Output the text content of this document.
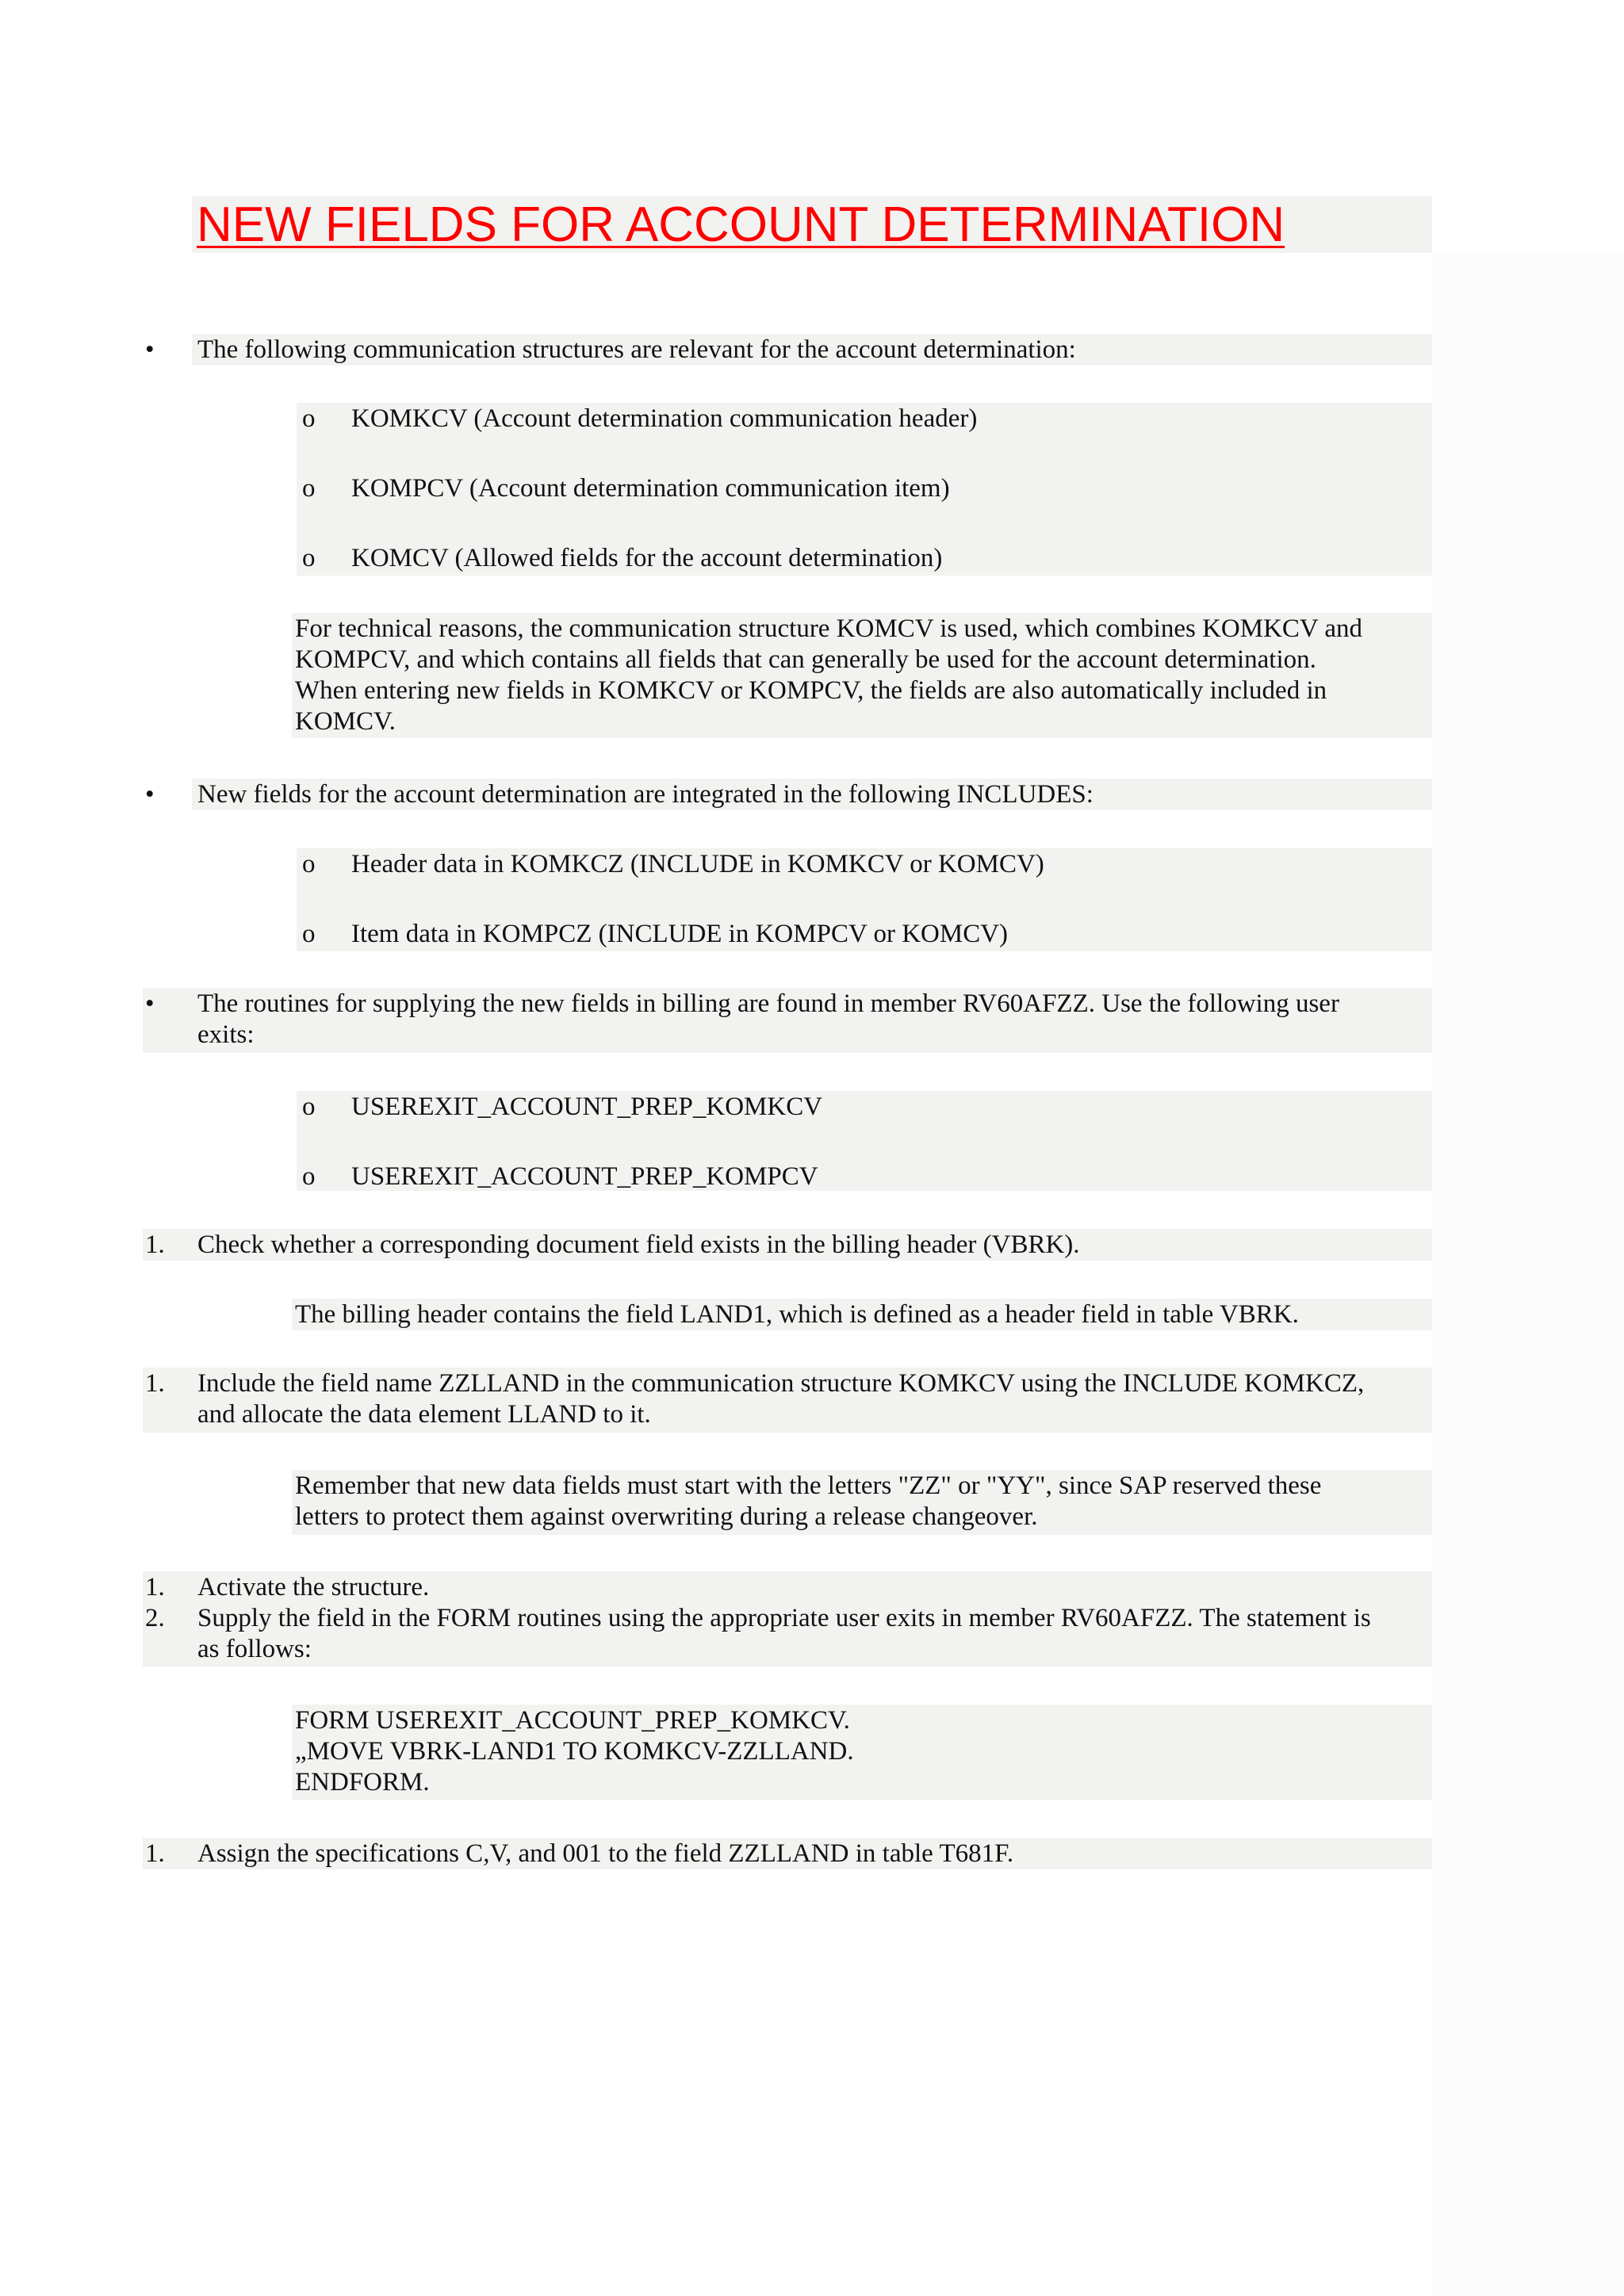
NEW FIELDS FOR ACCOUNT DETERMINATION
• The following communication structures are relevant for the account determination:
o KOMKCV (Account determination communication header)
o KOMPCV (Account determination communication item)
o KOMCV (Allowed fields for the account determination)
For technical reasons, the communication structure KOMCV is used, which combines KOMKCV and
KOMPCV, and which contains all fields that can generally be used for the account determination.
When entering new fields in KOMKCV or KOMPCV, the fields are also automatically included in
KOMCV.
• New fields for the account determination are integrated in the following INCLUDES:
o Header data in KOMKCZ (INCLUDE in KOMKCV or KOMCV)
o Item data in KOMPCZ (INCLUDE in KOMPCV or KOMCV)
• The routines for supplying the new fields in billing are found in member RV60AFZZ. Use the following user
exits:
o USEREXIT_ACCOUNT_PREP_KOMKCV
o USEREXIT_ACCOUNT_PREP_KOMPCV
1. Check whether a corresponding document field exists in the billing header (VBRK).
The billing header contains the field LAND1, which is defined as a header field in table VBRK.
1. Include the field name ZZLLAND in the communication structure KOMKCV using the INCLUDE KOMKCZ,
and allocate the data element LLAND to it.
Remember that new data fields must start with the letters "ZZ" or "YY", since SAP reserved these
letters to protect them against overwriting during a release changeover.
1. Activate the structure.
2. Supply the field in the FORM routines using the appropriate user exits in member RV60AFZZ. The statement is
as follows:
FORM USEREXIT_ACCOUNT_PREP_KOMKCV.
„MOVE VBRK-LAND1 TO KOMKCV-ZZLLAND.
ENDFORM.
1. Assign the specifications C,V, and 001 to the field ZZLLAND in table T681F.
